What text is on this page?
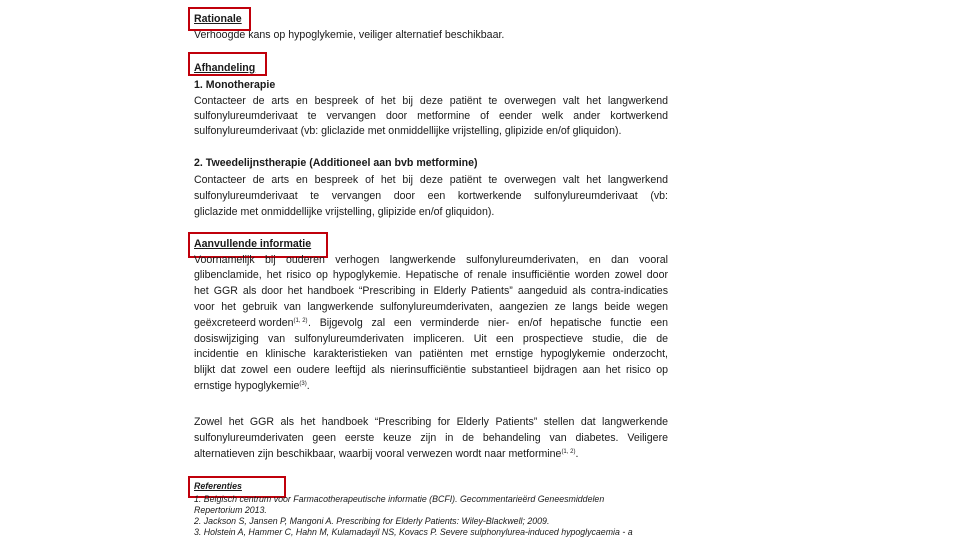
Rationale
Verhoogde kans op hypoglykemie, veiliger alternatief beschikbaar.
Afhandeling
1. Monotherapie
Contacteer de arts en bespreek of het bij deze patiënt te overwegen valt het langwerkend
sulfonylureumderivaat te vervangen door metformine of eender welk ander kortwerkend
sulfonylureumderivaat (vb: gliclazide met onmiddellijke vrijstelling, glipizide en/of gliquidon).
2. Tweedelijnstherapie (Additioneel aan bvb metformine)
Contacteer de arts en bespreek of het bij deze patiënt te overwegen valt het langwerkend
sulfonylureumderivaat te vervangen door een kortwerkende sulfonylureumderivaat (vb:
gliclazide met onmiddellijke vrijstelling, glipizide en/of gliquidon).
Aanvullende informatie
Voornamelijk bij ouderen verhogen langwerkende sulfonylureumderivaten, en dan vooral
glibenclamide, het risico op hypoglykemie. Hepatische of renale insufficiëntie worden zowel door
het GGR als door het handboek “Prescribing in Elderly Patients” aangeduid als contra-indicaties
voor het gebruik van langwerkende sulfonylureumderivaten, aangezien ze langs beide wegen
geëxcreteerd worden$^{(1, 2)}$ . Bijgevolg zal een verminderde nier- en/of hepatische functie een
dosiswijziging van sulfonylureumderivaten impliceren. Uit een prospectieve studie, die de
incidentie en klinische karakteristieken van patiënten met ernstige hypoglykemie onderzocht,
blijkt dat zowel een oudere leeftijd als nierinsufficiëntie substantieel bijdragen aan het risico op
ernstige hypoglykemie$^{(3)}$.
Zowel het GGR als het handboek “Prescribing for Elderly Patients” stellen dat langwerkende
sulfonylureumderivaten geen eerste keuze zijn in de behandeling van diabetes. Veiligere
alternatieven zijn beschikbaar, waarbij vooral verwezen wordt naar metformine$^{(1, 2)}$.
Referenties
1. Belgisch centrum voor Farmacotherapeutische informatie (BCFI). Gecommentarieërd Geneesmiddelen
Repertorium 2013.
2. Jackson S, Jansen P, Mangoni A. Prescribing for Elderly Patients: Wiley-Blackwell; 2009.
3. Holstein A, Hammer C, Hahn M, Kulamadayil NS, Kovacs P. Severe sulphonylurea-induced hypoglycaemia - a
